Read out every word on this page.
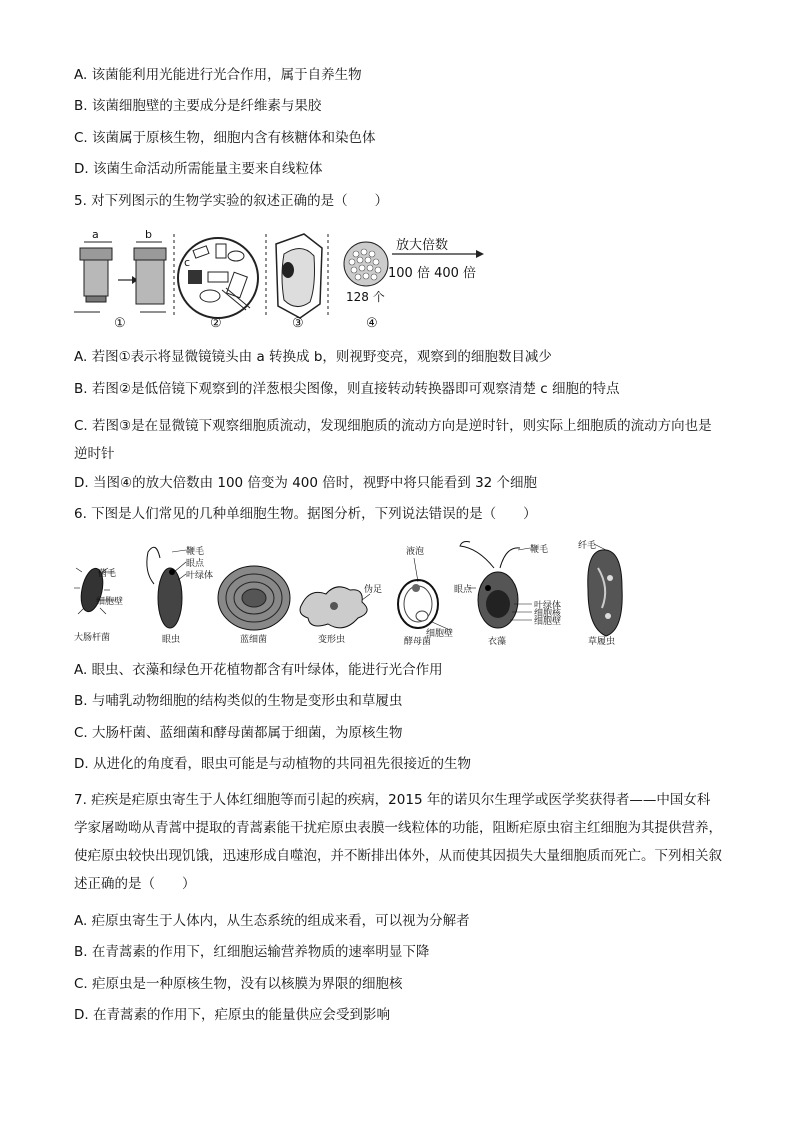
A. 该菌能利用光能进行光合作用，属于自养生物
B. 该菌细胞壁的主要成分是纤维素与果胶
C. 该菌属于原核生物，细胞内含有核糖体和染色体
D. 该菌生命活动所需能量主要来自线粒体
5. 对下列图示的生物学实验的叙述正确的是（　　）
a	b
c
放大倍数
100 倍 400 倍
128 个
①	②	③	④
A. 若图①表示将显微镜镜头由 a 转换成 b，则视野变亮，观察到的细胞数目减少
B. 若图②是低倍镜下观察到的洋葱根尖图像，则直接转动转换器即可观察清楚 c 细胞的特点
C. 若图③是在显微镜下观察细胞质流动，发现细胞质的流动方向是逆时针，则实际上细胞质的流动方向也是逆时针
D. 当图④的放大倍数由 100 倍变为 400 倍时，视野中将只能看到 32 个细胞
6. 下图是人们常见的几种单细胞生物。据图分析，下列说法错误的是（　　）
菌毛
细胞壁
大肠杆菌
鞭毛
眼点
叶绿体
眼虫	蓝细菌
伪足
变形虫
液泡
细胞壁
酵母菌
鞭毛
眼点
叶绿体
细胞核
细胞壁
衣藻
纤毛
草履虫
A. 眼虫、衣藻和绿色开花植物都含有叶绿体，能进行光合作用
B. 与哺乳动物细胞的结构类似的生物是变形虫和草履虫
C. 大肠杆菌、蓝细菌和酵母菌都属于细菌，为原核生物
D. 从进化的角度看，眼虫可能是与动植物的共同祖先很接近的生物
7. 疟疾是疟原虫寄生于人体红细胞等而引起的疾病，2015 年的诺贝尔生理学或医学奖获得者——中国女科学家屠呦呦从青蒿中提取的青蒿素能干扰疟原虫表膜一线粒体的功能，阻断疟原虫宿主红细胞为其提供营养，使疟原虫较快出现饥饿，迅速形成自噬泡，并不断排出体外，从而使其因损失大量细胞质而死亡。下列相关叙述正确的是（　　）
A. 疟原虫寄生于人体内，从生态系统的组成来看，可以视为分解者
B. 在青蒿素的作用下，红细胞运输营养物质的速率明显下降
C. 疟原虫是一种原核生物，没有以核膜为界限的细胞核
D. 在青蒿素的作用下，疟原虫的能量供应会受到影响
